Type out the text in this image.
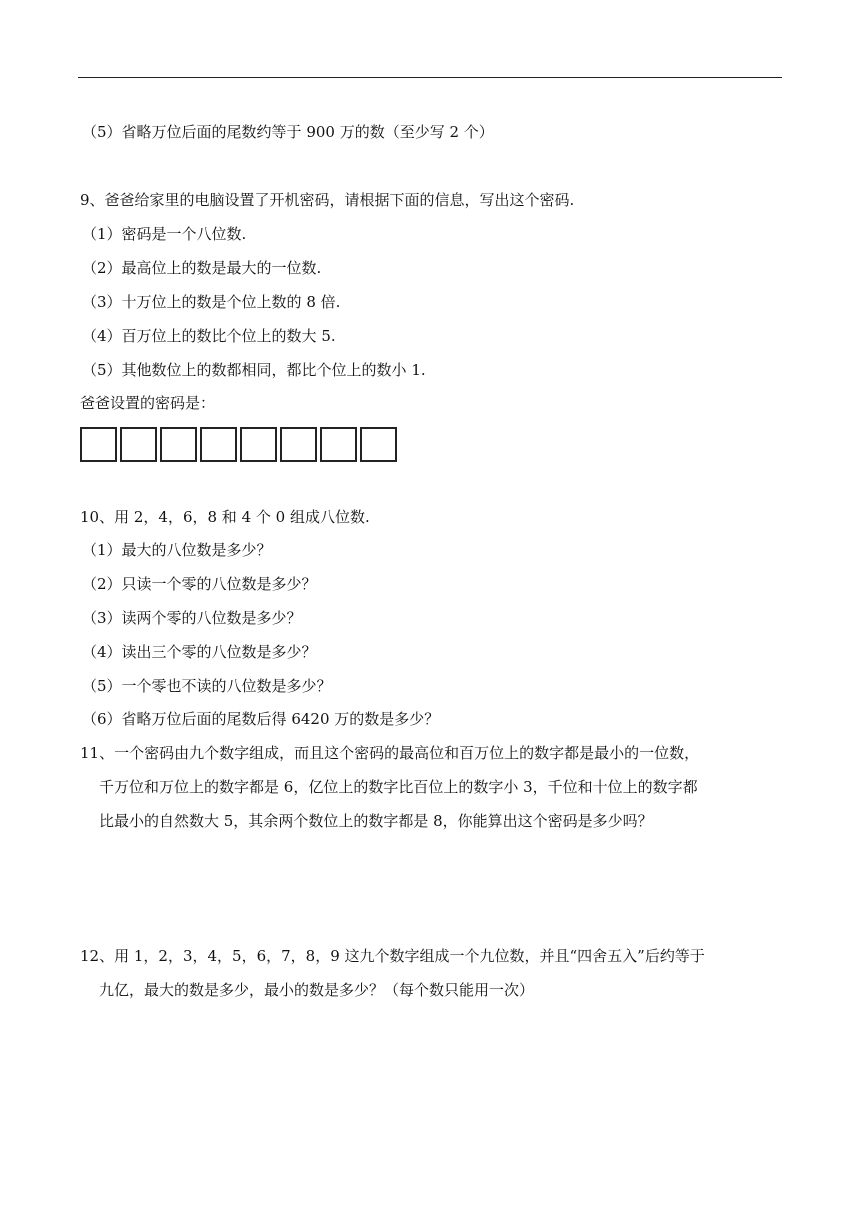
（5）省略万位后面的尾数约等于 900 万的数（至少写 2 个）
9、爸爸给家里的电脑设置了开机密码，请根据下面的信息，写出这个密码.
（1）密码是一个八位数.
（2）最高位上的数是最大的一位数.
（3）十万位上的数是个位上数的 8 倍.
（4）百万位上的数比个位上的数大 5.
（5）其他数位上的数都相同，都比个位上的数小 1.
爸爸设置的密码是：
10、用 2，4，6，8 和 4 个 0 组成八位数.
（1）最大的八位数是多少？
（2）只读一个零的八位数是多少？
（3）读两个零的八位数是多少？
（4）读出三个零的八位数是多少？
（5）一个零也不读的八位数是多少？
（6）省略万位后面的尾数后得 6420 万的数是多少？
11、一个密码由九个数字组成，而且这个密码的最高位和百万位上的数字都是最小的一位数，
千万位和万位上的数字都是 6，亿位上的数字比百位上的数字小 3，千位和十位上的数字都
比最小的自然数大 5，其余两个数位上的数字都是 8，你能算出这个密码是多少吗？
12、用 1，2，3，4，5，6，7，8，9 这九个数字组成一个九位数，并且“四舍五入”后约等于
九亿，最大的数是多少，最小的数是多少？（每个数只能用一次）
